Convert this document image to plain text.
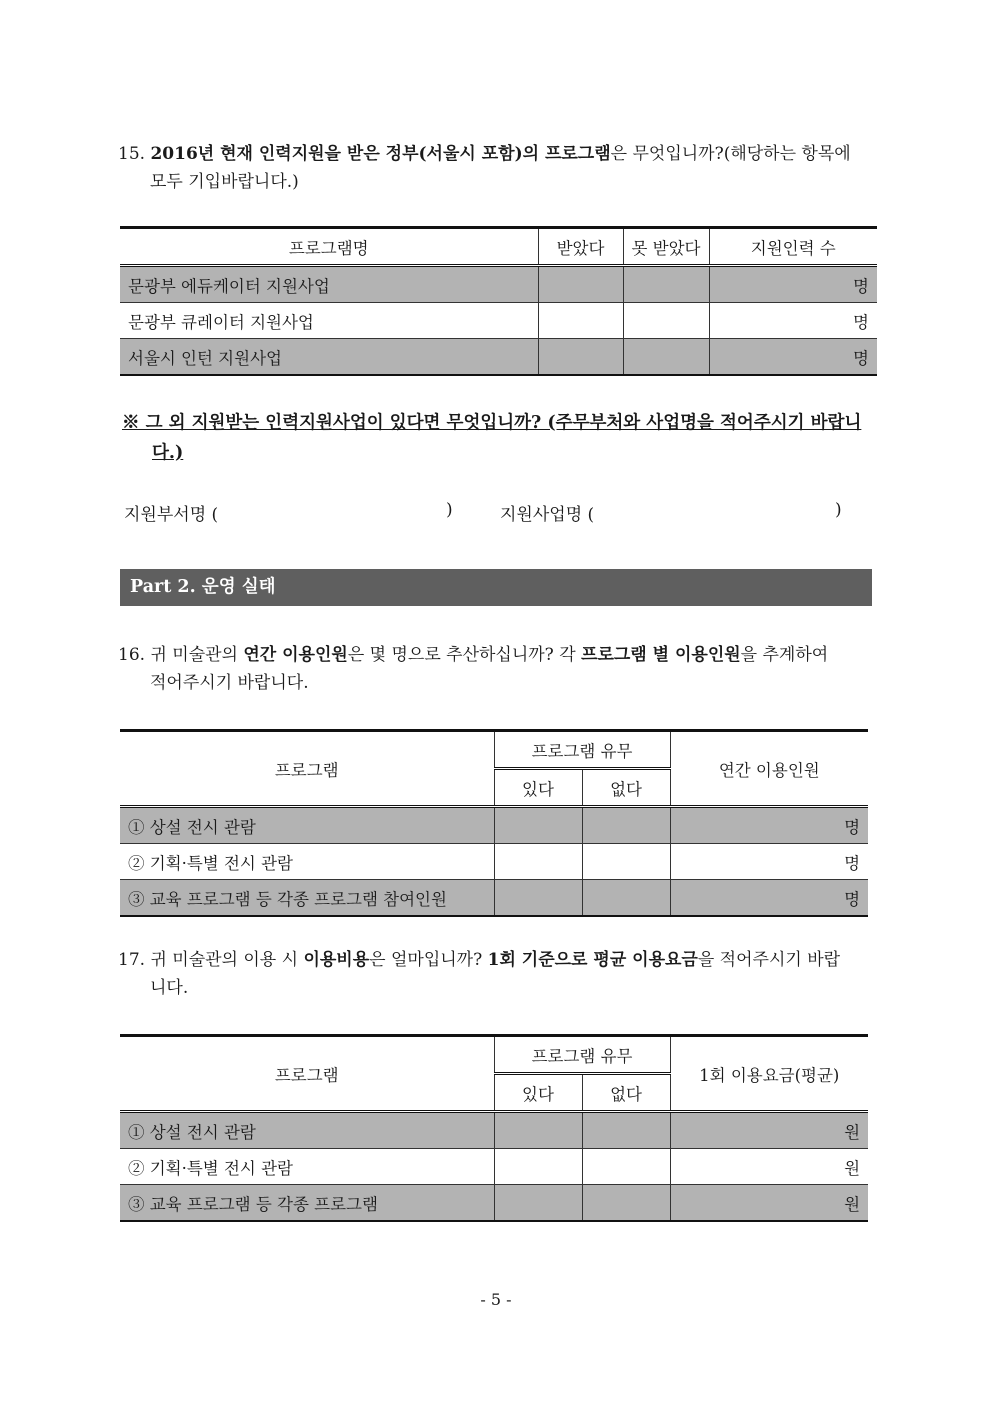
15. 2016년 현재 인력지원을 받은 정부(서울시 포함)의 프로그램은 무엇입니까?(해당하는 항목에
모두 기입바랍니다.)
프로그램명	받았다	못 받았다	지원인력 수
문광부 에듀케이터 지원사업			명
문광부 큐레이터 지원사업			명
서울시 인턴 지원사업			명
※ 그 외 지원받는 인력지원사업이 있다면 무엇입니까? (주무부처와 사업명을 적어주시기 바랍니
다.)
지원부서명 (	)	지원사업명 (	)
Part 2. 운영 실태
16. 귀 미술관의 연간 이용인원은 몇 명으로 추산하십니까? 각 프로그램 별 이용인원을 추계하여
적어주시기 바랍니다.
프로그램	프로그램 유무		연간 이용인원
	있다	없다	
① 상설 전시 관람			명
② 기획·특별 전시 관람			명
③ 교육 프로그램 등 각종 프로그램 참여인원			명
17. 귀 미술관의 이용 시 이용비용은 얼마입니까? 1회 기준으로 평균 이용요금을 적어주시기 바랍
니다.
프로그램	프로그램 유무		1회 이용요금(평균)
	있다	없다	
① 상설 전시 관람			원
② 기획·특별 전시 관람			원
③ 교육 프로그램 등 각종 프로그램			원
- 5 -
